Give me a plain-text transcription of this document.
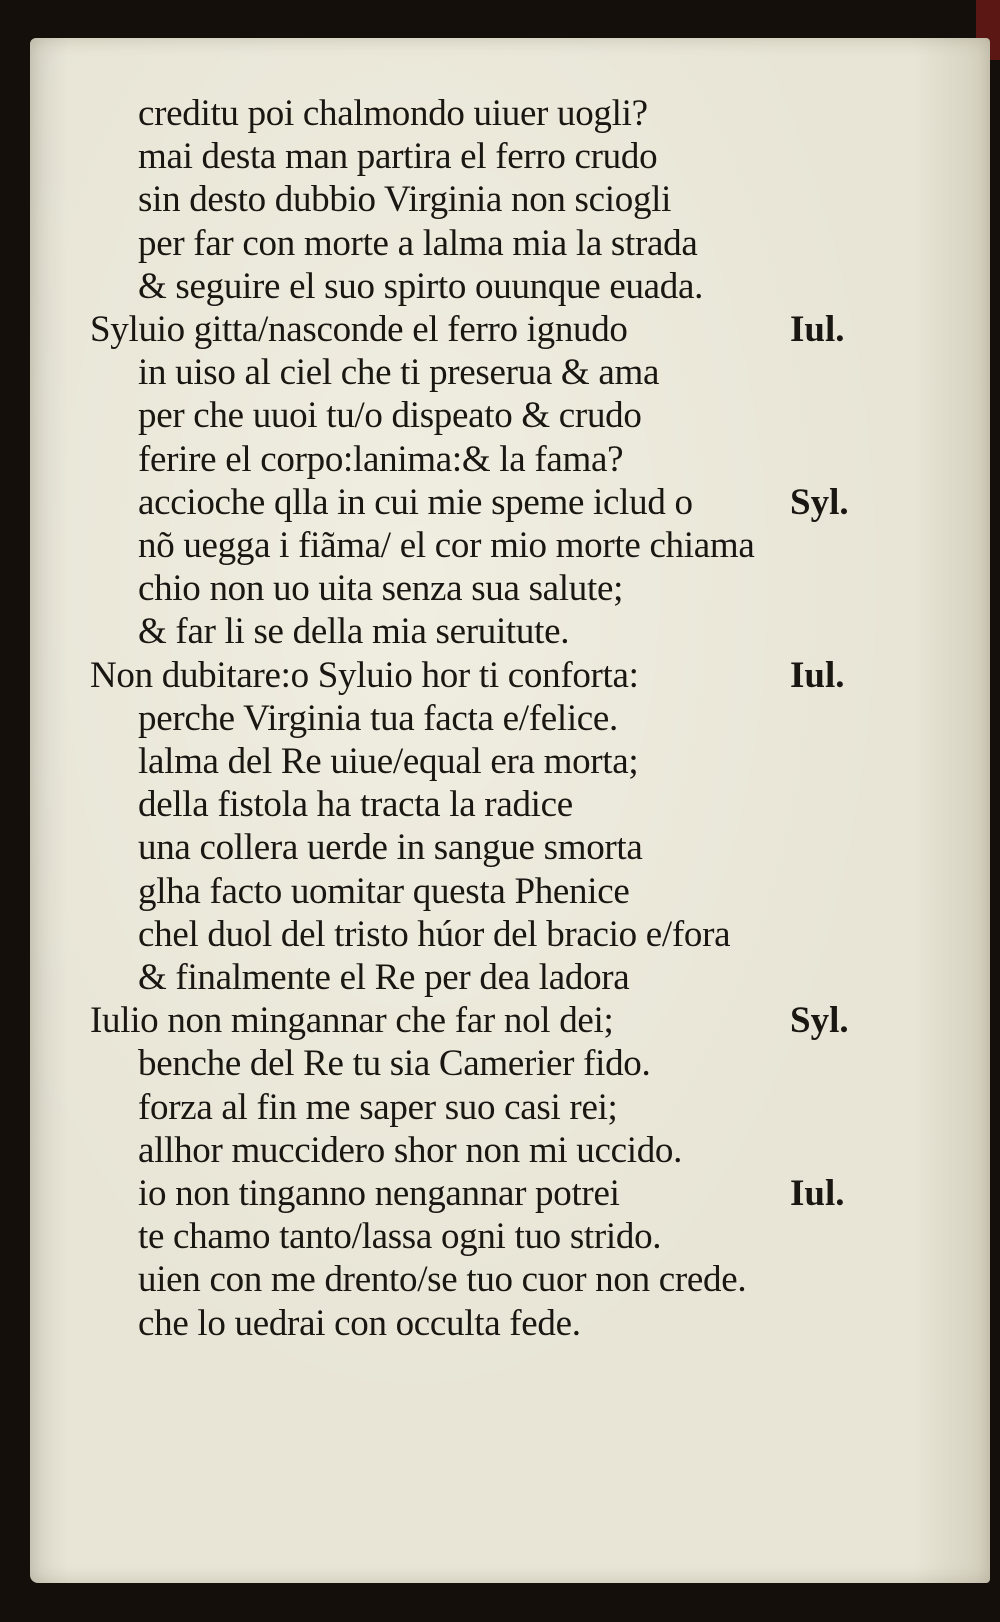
creditu poi chalmondo uiuer uogli?
mai desta man partira el ferro crudo
sin desto dubbio Virginia non sciogli
per far con morte a lalma mia la strada
& seguire el suo spirto ouunque euada.
Syluio gitta/nasconde el ferro ignudo	Iul.
in uiso al ciel che ti preserua & ama
per che uuoi tu/o dispeato & crudo
ferire el corpo:lanima:& la fama?
accioche qlla in cui mie speme iclud o	Syl.
nõ uegga i fiãma/ el cor mio morte chiama
chio non uo uita senza sua salute;
& far li se della mia seruitute.
Non dubitare:o Syluio hor ti conforta:	Iul.
perche Virginia tua facta e/felice.
lalma del Re uiue/equal era morta;
della fistola ha tracta la radice
una collera uerde in sangue smorta
glha facto uomitar questa Phenice
chel duol del tristo húor del bracio e/fora
& finalmente el Re per dea ladora
Iulio non mingannar che far nol dei;	Syl.
benche del Re tu sia Camerier fido.
forza al fin me saper suo casi rei;
allhor muccidero shor non mi uccido.
io non tinganno nengannar potrei	Iul.
te chamo tanto/lassa ogni tuo strido.
uien con me drento/se tuo cuor non crede.
che lo uedrai con occulta fede.
